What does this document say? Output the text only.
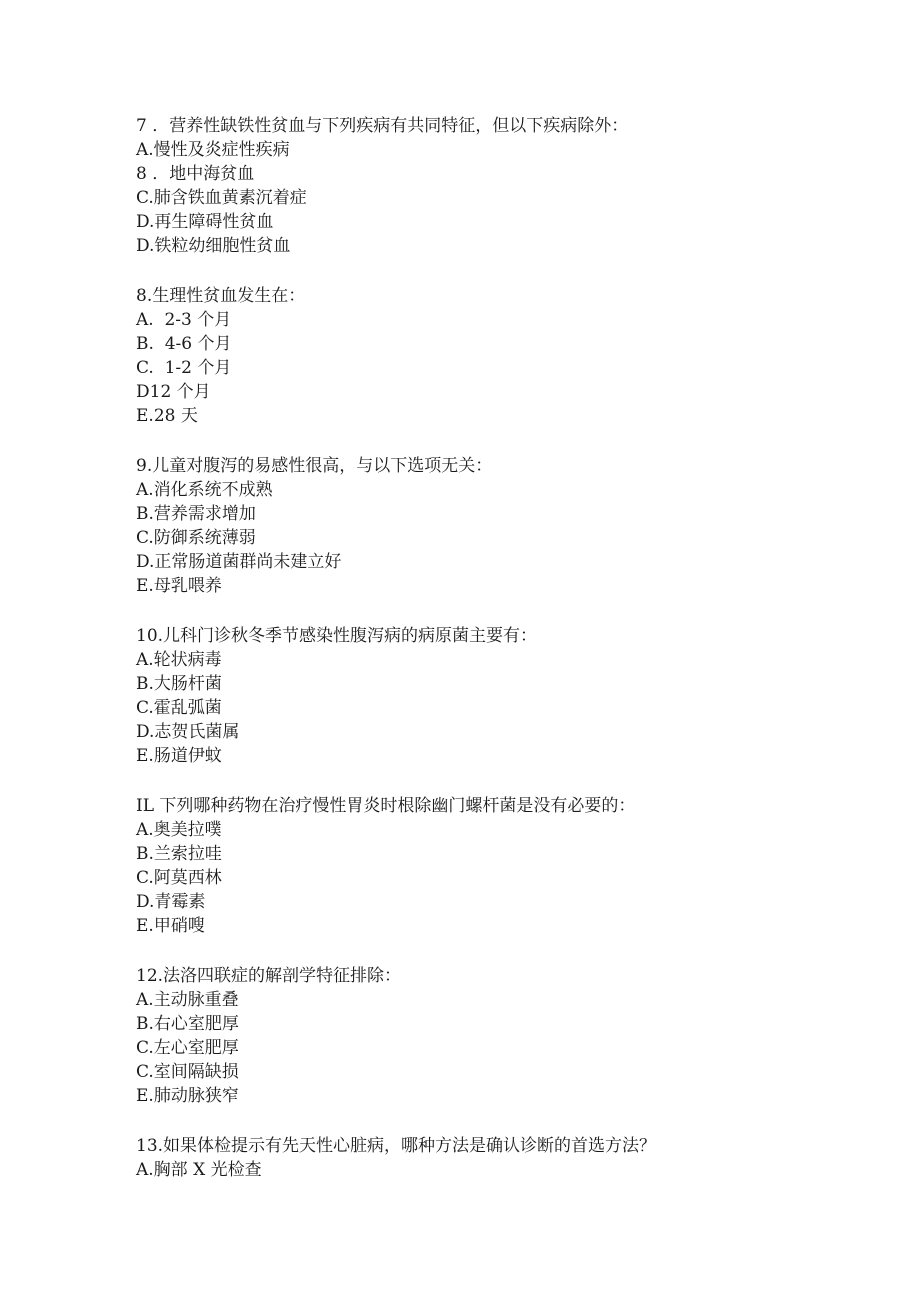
7 ．营养性缺铁性贫血与下列疾病有共同特征，但以下疾病除外：
A.慢性及炎症性疾病
8 ．地中海贫血
C.肺含铁血黄素沉着症
D.再生障碍性贫血
D.铁粒幼细胞性贫血
8.生理性贫血发生在：
A.  2-3 个月
B.  4-6 个月
C.  1-2 个月
D12 个月
E.28 天
9.儿童对腹泻的易感性很高，与以下选项无关：
A.消化系统不成熟
B.营养需求增加
C.防御系统薄弱
D.正常肠道菌群尚未建立好
E.母乳喂养
10.儿科门诊秋冬季节感染性腹泻病的病原菌主要有：
A.轮状病毒
B.大肠杆菌
C.霍乱弧菌
D.志贺氏菌属
E.肠道伊蚊
IL 下列哪种药物在治疗慢性胃炎时根除幽门螺杆菌是没有必要的：
A.奥美拉噗
B.兰索拉哇
C.阿莫西林
D.青霉素
E.甲硝嗖
12.法洛四联症的解剖学特征排除：
A.主动脉重叠
B.右心室肥厚
C.左心室肥厚
C.室间隔缺损
E.肺动脉狭窄
13.如果体检提示有先天性心脏病，哪种方法是确认诊断的首选方法？
A.胸部 X 光检查
